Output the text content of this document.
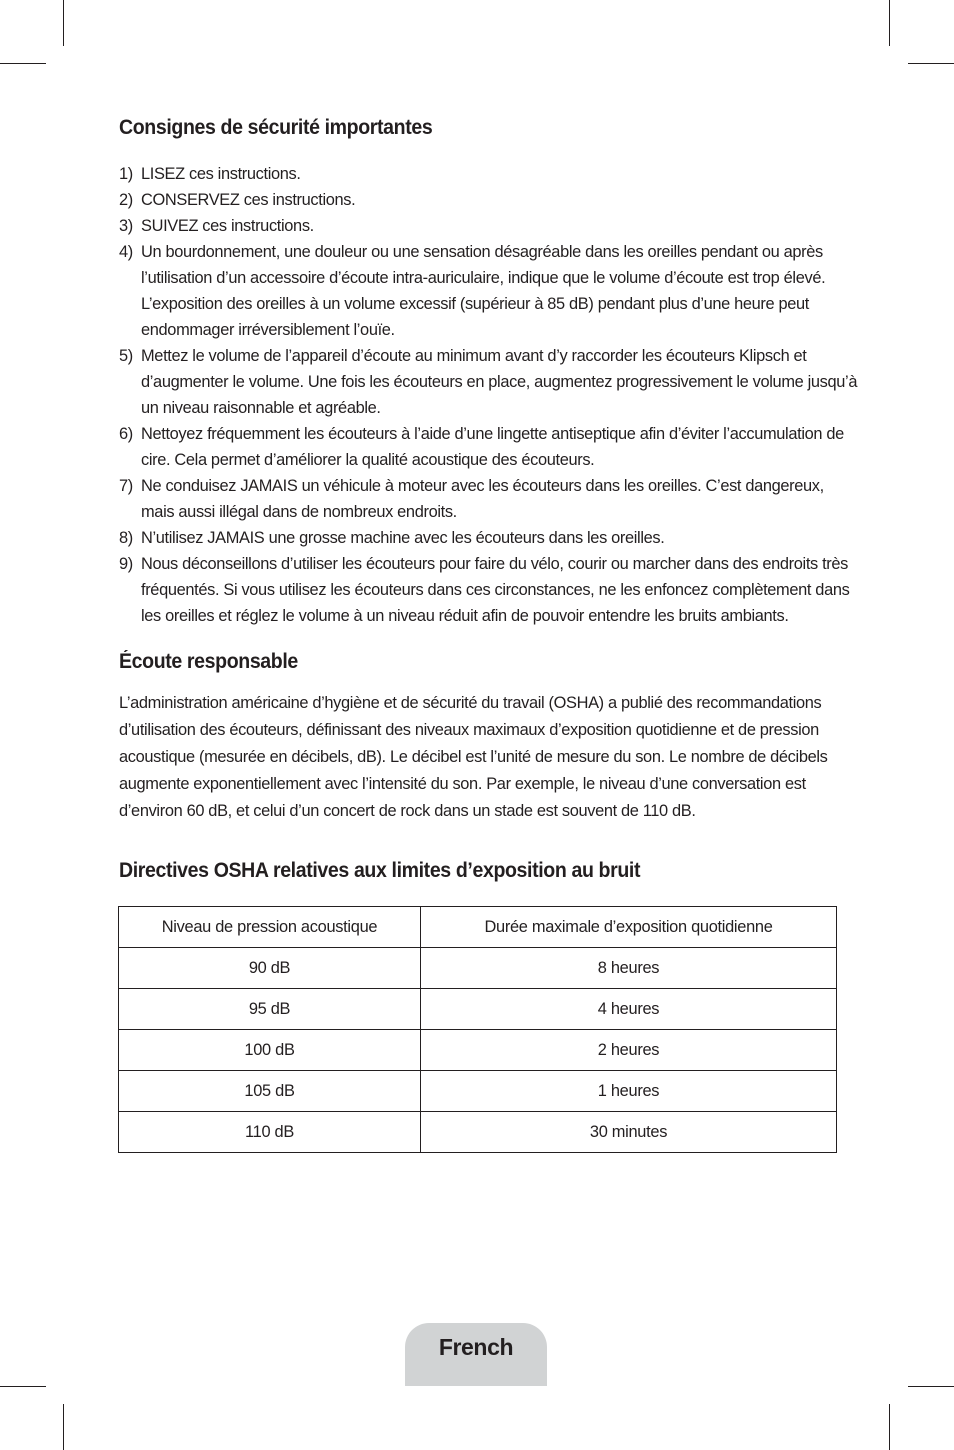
Consignes de sécurité importantes
1) LISEZ ces instructions.
2) CONSERVEZ ces instructions.
3) SUIVEZ ces instructions.
4) Un bourdonnement, une douleur ou une sensation désagréable dans les oreilles pendant ou après l’utilisation d’un accessoire d’écoute intra-auriculaire, indique que le volume d’écoute est trop élevé. L’exposition des oreilles à un volume excessif (supérieur à 85 dB) pendant plus d’une heure peut endommager irréversiblement l’ouïe.
5) Mettez le volume de l’appareil d’écoute au minimum avant d’y raccorder les écouteurs Klipsch et d’augmenter le volume. Une fois les écouteurs en place, augmentez progressivement le volume jusqu’à un niveau raisonnable et agréable.
6) Nettoyez fréquemment les écouteurs à l’aide d’une lingette antiseptique afin d’éviter l’accumulation de cire. Cela permet d’améliorer la qualité acoustique des écouteurs.
7) Ne conduisez JAMAIS un véhicule à moteur avec les écouteurs dans les oreilles. C’est dangereux, mais aussi illégal dans de nombreux endroits.
8) N’utilisez JAMAIS une grosse machine avec les écouteurs dans les oreilles.
9) Nous déconseillons d’utiliser les écouteurs pour faire du vélo, courir ou marcher dans des endroits très fréquentés. Si vous utilisez les écouteurs dans ces circonstances, ne les enfoncez complètement dans les oreilles et réglez le volume à un niveau réduit afin de pouvoir entendre les bruits ambiants.
Écoute responsable

L’administration américaine d’hygiène et de sécurité du travail (OSHA) a publié des recommandations d’utilisation des écouteurs, définissant des niveaux maximaux d’exposition quotidienne et de pression acoustique (mesurée en décibels, dB). Le décibel est l’unité de mesure du son. Le nombre de décibels augmente exponentiellement avec l’intensité du son. Par exemple, le niveau d’une conversation est d’environ 60 dB, et celui d’un concert de rock dans un stade est souvent de 110 dB.

Directives OSHA relatives aux limites d’exposition au bruit
Niveau de pression acoustique	Durée maximale d’exposition quotidienne
90 dB	8 heures
95 dB	4 heures
100 dB	2 heures
105 dB	1 heures
110 dB	30 minutes
French
